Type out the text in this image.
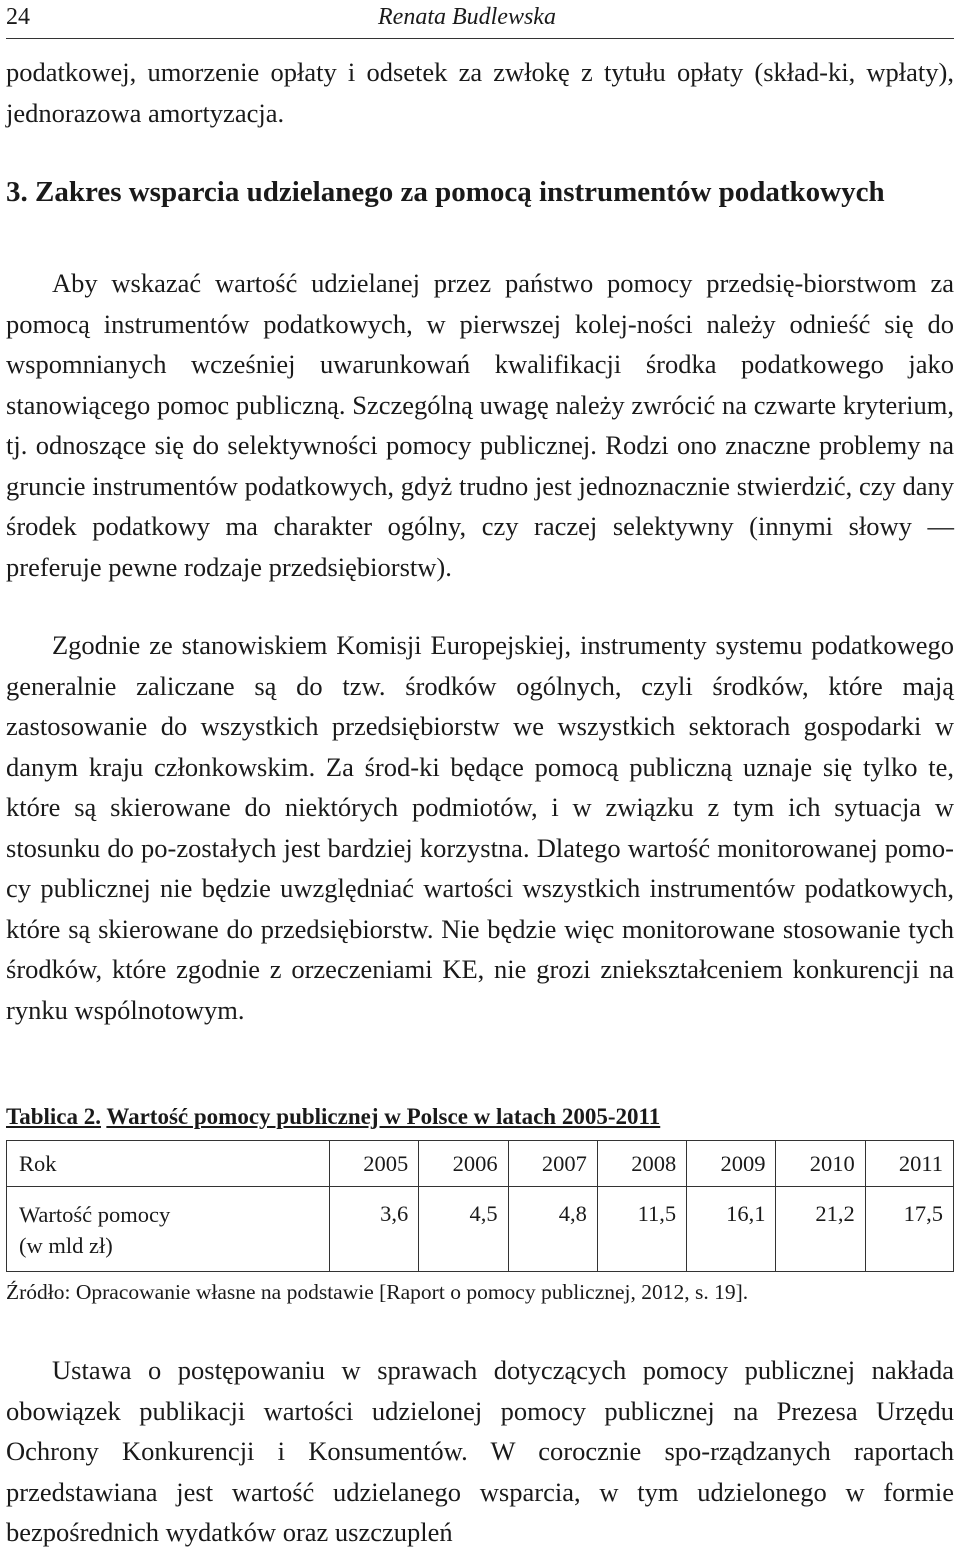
24	Renata Budlewska

podatkowej, umorzenie opłaty i odsetek za zwłokę z tytułu opłaty (skład-ki, wpłaty), jednorazowa amortyzacja.

3. Zakres wsparcia udzielanego za pomocą instrumentów podatkowych

Aby wskazać wartość udzielanej przez państwo pomocy przedsię-biorstwom za pomocą instrumentów podatkowych, w pierwszej kolej-ności należy odnieść się do wspomnianych wcześniej uwarunkowań kwalifikacji środka podatkowego jako stanowiącego pomoc publiczną. Szczególną uwagę należy zwrócić na czwarte kryterium, tj. odnoszące się do selektywności pomocy publicznej. Rodzi ono znaczne problemy na gruncie instrumentów podatkowych, gdyż trudno jest jednoznacznie stwierdzić, czy dany środek podatkowy ma charakter ogólny, czy raczej selektywny (innymi słowy — preferuje pewne rodzaje przedsiębiorstw).

Zgodnie ze stanowiskiem Komisji Europejskiej, instrumenty systemu podatkowego generalnie zaliczane są do tzw. środków ogólnych, czyli środków, które mają zastosowanie do wszystkich przedsiębiorstw we wszystkich sektorach gospodarki w danym kraju członkowskim. Za środ-ki będące pomocą publiczną uznaje się tylko te, które są skierowane do niektórych podmiotów, i w związku z tym ich sytuacja w stosunku do po-zostałych jest bardziej korzystna. Dlatego wartość monitorowanej pomo-cy publicznej nie będzie uwzględniać wartości wszystkich instrumentów podatkowych, które są skierowane do przedsiębiorstw. Nie będzie więc monitorowane stosowanie tych środków, które zgodnie z orzeczeniami KE, nie grozi zniekształceniem konkurencji na rynku wspólnotowym.

Tablica 2. Wartość pomocy publicznej w Polsce w latach 2005-2011

Rok	2005	2006	2007	2008	2009	2010	2011
Wartość pomocy
(w mld zł)	3,6	4,5	4,8	11,5	16,1	21,2	17,5

Źródło: Opracowanie własne na podstawie [Raport o pomocy publicznej, 2012, s. 19].

Ustawa o postępowaniu w sprawach dotyczących pomocy publicznej nakłada obowiązek publikacji wartości udzielonej pomocy publicznej na Prezesa Urzędu Ochrony Konkurencji i Konsumentów. W corocznie spo-rządzanych raportach przedstawiana jest wartość udzielanego wsparcia, w tym udzielonego w formie bezpośrednich wydatków oraz uszczupleń
